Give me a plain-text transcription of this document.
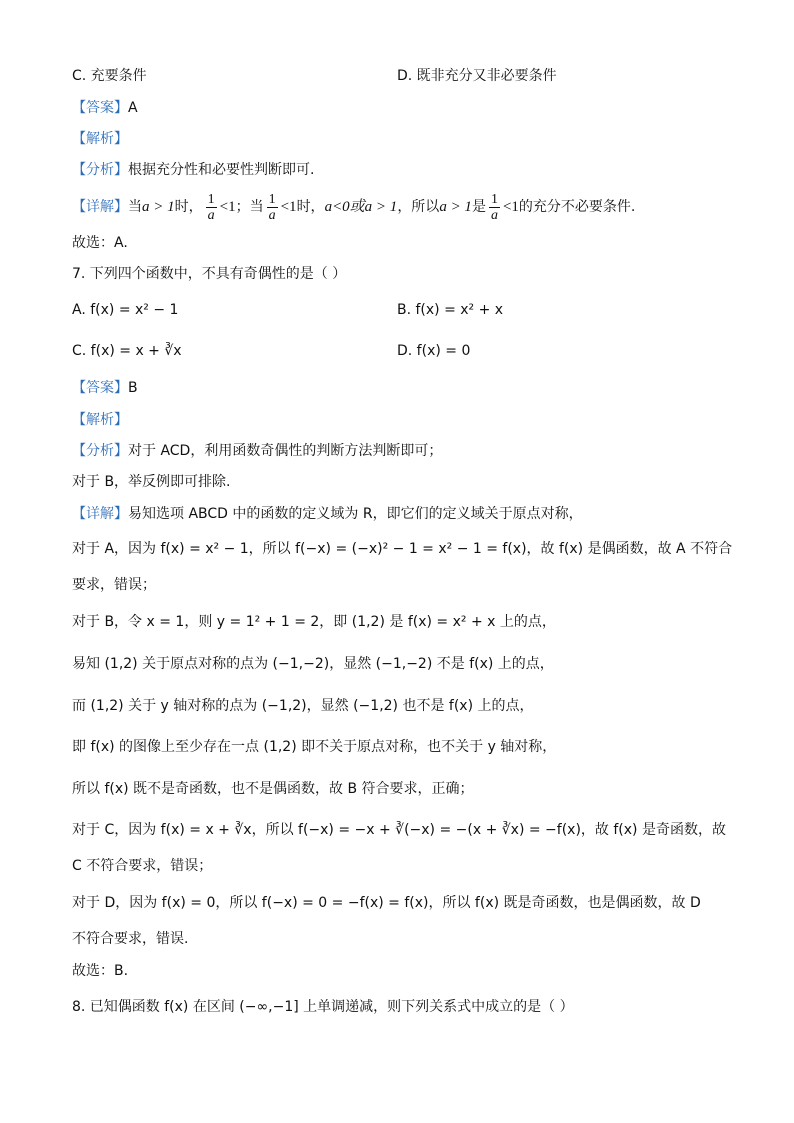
C. 充要条件	D. 既非充分又非必要条件
【答案】A
【解析】
【分析】根据充分性和必要性判断即可.
【详解】当a > 1时， $\frac{1}{a} <1$；当 $\frac{1}{a} <1$时，a<0或a > 1，所以a > 1是 $\frac{1}{a} <1$的充分不必要条件.
故选：A.
7. 下列四个函数中，不具有奇偶性的是（ ）
A. f(x) = x² − 1	B. f(x) = x² + x
C. f(x) = x + ∛x	D. f(x) = 0
【答案】B
【解析】
【分析】对于 ACD，利用函数奇偶性的判断方法判断即可；
对于 B，举反例即可排除.
【详解】易知选项 ABCD 中的函数的定义域为 R，即它们的定义域关于原点对称，
对于 A，因为 f(x) = x² − 1，所以 f(−x) = (−x)² − 1 = x² − 1 = f(x)，故 f(x) 是偶函数，故 A 不符合
要求，错误；
对于 B，令 x = 1，则 y = 1² + 1 = 2，即 (1,2) 是 f(x) = x² + x 上的点，
易知 (1,2) 关于原点对称的点为 (−1,−2)，显然 (−1,−2) 不是 f(x) 上的点，
而 (1,2) 关于 y 轴对称的点为 (−1,2)，显然 (−1,2) 也不是 f(x) 上的点，
即 f(x) 的图像上至少存在一点 (1,2) 即不关于原点对称，也不关于 y 轴对称，
所以 f(x) 既不是奇函数，也不是偶函数，故 B 符合要求，正确；
对于 C，因为 f(x) = x + ∛x，所以 f(−x) = −x + ∛(−x) = −(x + ∛x) = −f(x)，故 f(x) 是奇函数，故
C 不符合要求，错误；
对于 D，因为 f(x) = 0，所以 f(−x) = 0 = −f(x) = f(x)，所以 f(x) 既是奇函数，也是偶函数，故 D
不符合要求，错误.
故选：B.
8. 已知偶函数 f(x) 在区间 (−∞,−1] 上单调递减，则下列关系式中成立的是（ ）
